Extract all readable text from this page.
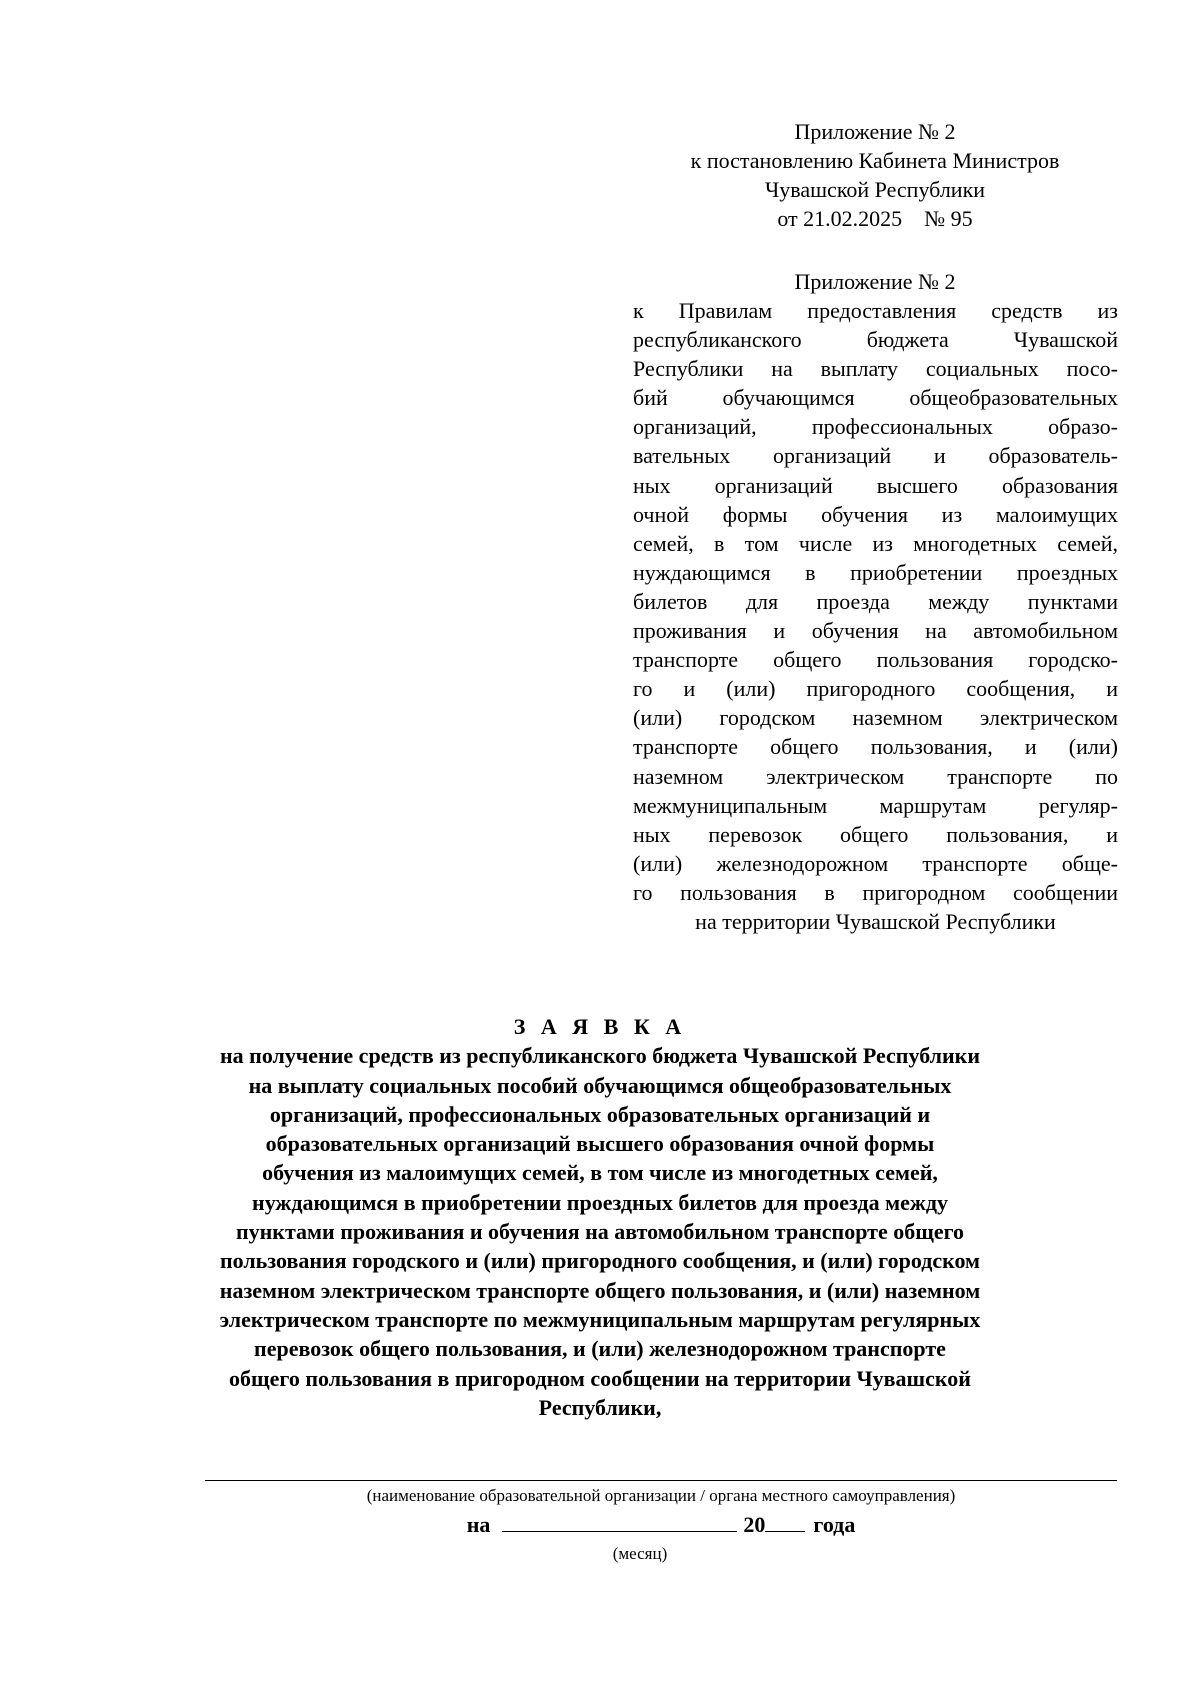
Приложение № 2
к постановлению Кабинета Министров
Чувашской Республики
от 21.02.2025    № 95
Приложение № 2
к Правилам предоставления средств из
республиканского бюджета Чувашской
Республики на выплату социальных посо-
бий обучающимся общеобразовательных
организаций, профессиональных образо-
вательных организаций и образователь-
ных организаций высшего образования
очной формы обучения из малоимущих
семей, в том числе из многодетных семей,
нуждающимся в приобретении проездных
билетов для проезда между пунктами
проживания и обучения на автомобильном
транспорте общего пользования городско-
го и (или) пригородного сообщения, и
(или) городском наземном электрическом
транспорте общего пользования, и (или)
наземном электрическом транспорте по
межмуниципальным маршрутам регуляр-
ных перевозок общего пользования, и
(или) железнодорожном транспорте обще-
го пользования в пригородном сообщении
на территории Чувашской Республики
З А Я В К А
на получение средств из республиканского бюджета Чувашской Республики
на выплату социальных пособий обучающимся общеобразовательных
организаций, профессиональных образовательных организаций и
образовательных организаций высшего образования очной формы
обучения из малоимущих семей, в том числе из многодетных семей,
нуждающимся в приобретении проездных билетов для проезда между
пунктами проживания и обучения на автомобильном транспорте общего
пользования городского и (или) пригородного сообщения, и (или) городском
наземном электрическом транспорте общего пользования, и (или) наземном
электрическом транспорте по межмуниципальным маршрутам регулярных
перевозок общего пользования, и (или) железнодорожном транспорте
общего пользования в пригородном сообщении на территории Чувашской
Республики,
(наименование образовательной организации / органа местного самоуправления)
на	20 года
(месяц)
